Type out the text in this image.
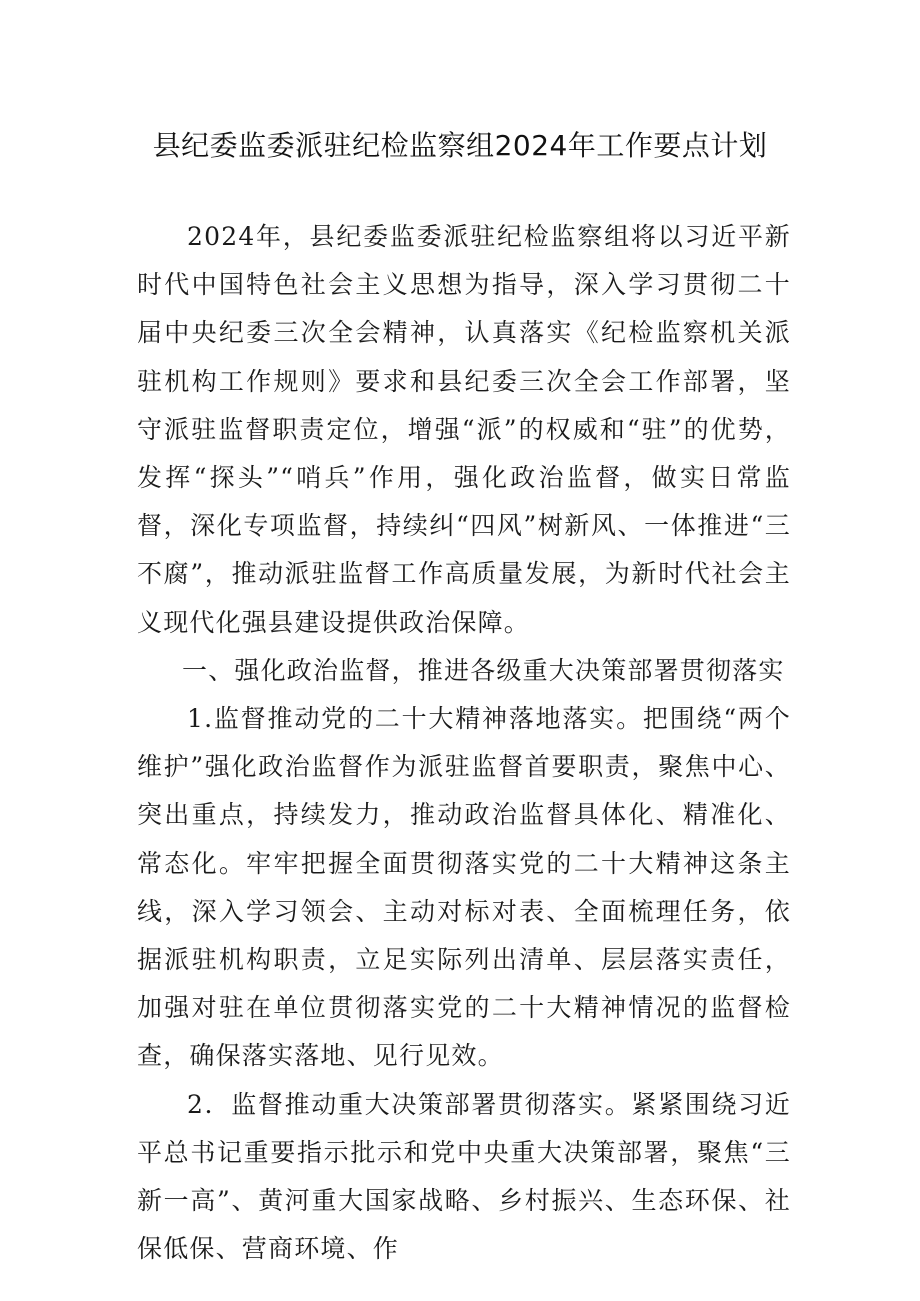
县纪委监委派驻纪检监察组2024年工作要点计划

2024年，县纪委监委派驻纪检监察组将以习近平新时代中国特色社会主义思想为指导，深入学习贯彻二十届中央纪委三次全会精神，认真落实《纪检监察机关派驻机构工作规则》要求和县纪委三次全会工作部署，坚守派驻监督职责定位，增强“派”的权威和“驻”的优势，发挥“探头”“哨兵”作用，强化政治监督，做实日常监督，深化专项监督，持续纠“四风”树新风、一体推进“三不腐”，推动派驻监督工作高质量发展，为新时代社会主义现代化强县建设提供政治保障。

一、强化政治监督，推进各级重大决策部署贯彻落实

1.监督推动党的二十大精神落地落实。把围绕“两个维护”强化政治监督作为派驻监督首要职责，聚焦中心、突出重点，持续发力，推动政治监督具体化、精准化、常态化。牢牢把握全面贯彻落实党的二十大精神这条主线，深入学习领会、主动对标对表、全面梳理任务，依据派驻机构职责，立足实际列出清单、层层落实责任，加强对驻在单位贯彻落实党的二十大精神情况的监督检查，确保落实落地、见行见效。

2．监督推动重大决策部署贯彻落实。紧紧围绕习近平总书记重要指示批示和党中央重大决策部署，聚焦“三新一高”、黄河重大国家战略、乡村振兴、生态环保、社保低保、营商环境、作
